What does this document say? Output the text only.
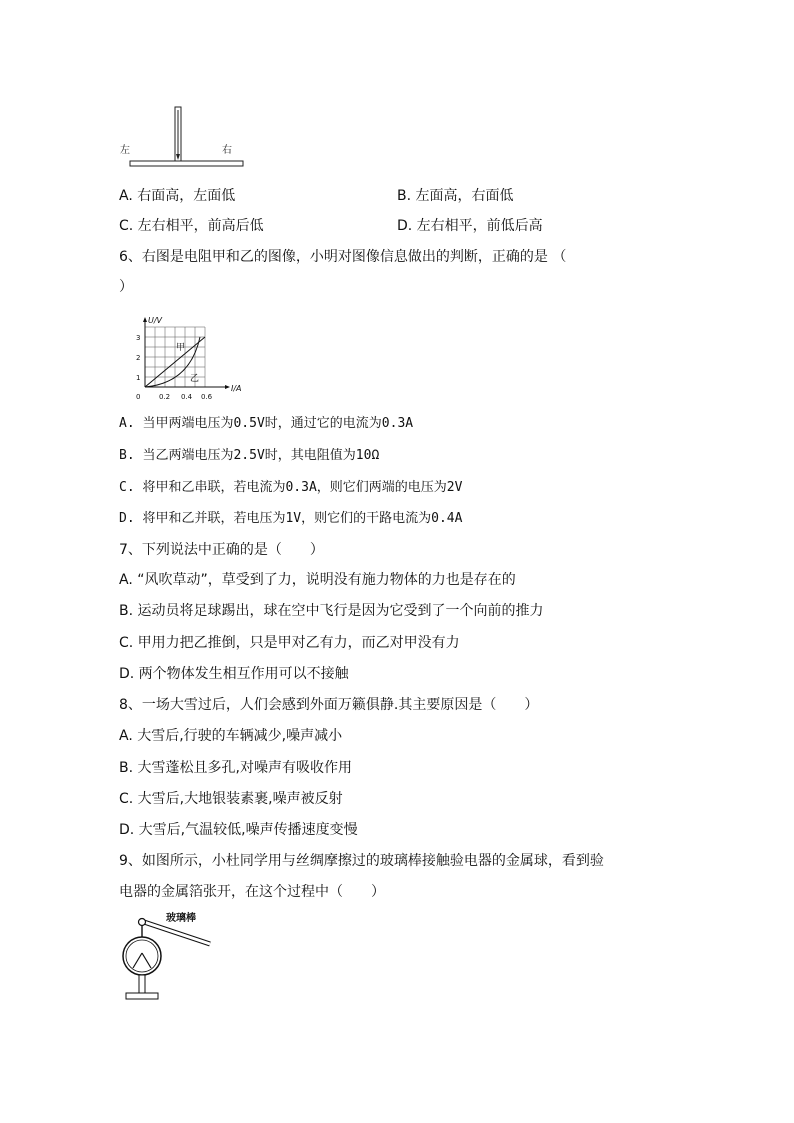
左	右
A. 右面高，左面低	B. 左面高，右面低
C. 左右相平，前高后低	D. 左右相平，前低后高
6、右图是电阻甲和乙的图像，小明对图像信息做出的判断，正确的是 （
）
U/V
I/A
3
2
1
0	0.2 0.4 0.6
甲
乙
A. 当甲两端电压为0.5V时，通过它的电流为0.3A
B. 当乙两端电压为2.5V时，其电阻值为10Ω
C. 将甲和乙串联，若电流为0.3A，则它们两端的电压为2V
D. 将甲和乙并联，若电压为1V，则它们的干路电流为0.4A
7、下列说法中正确的是（　　）
A. “风吹草动”，草受到了力，说明没有施力物体的力也是存在的
B. 运动员将足球踢出，球在空中飞行是因为它受到了一个向前的推力
C. 甲用力把乙推倒，只是甲对乙有力，而乙对甲没有力
D. 两个物体发生相互作用可以不接触
8、一场大雪过后，人们会感到外面万籁俱静.其主要原因是（　　）
A. 大雪后,行驶的车辆减少,噪声减小
B. 大雪蓬松且多孔,对噪声有吸收作用
C. 大雪后,大地银装素裹,噪声被反射
D. 大雪后,气温较低,噪声传播速度变慢
9、如图所示，小杜同学用与丝绸摩擦过的玻璃棒接触验电器的金属球，看到验
电器的金属箔张开，在这个过程中（　　）
玻璃棒
